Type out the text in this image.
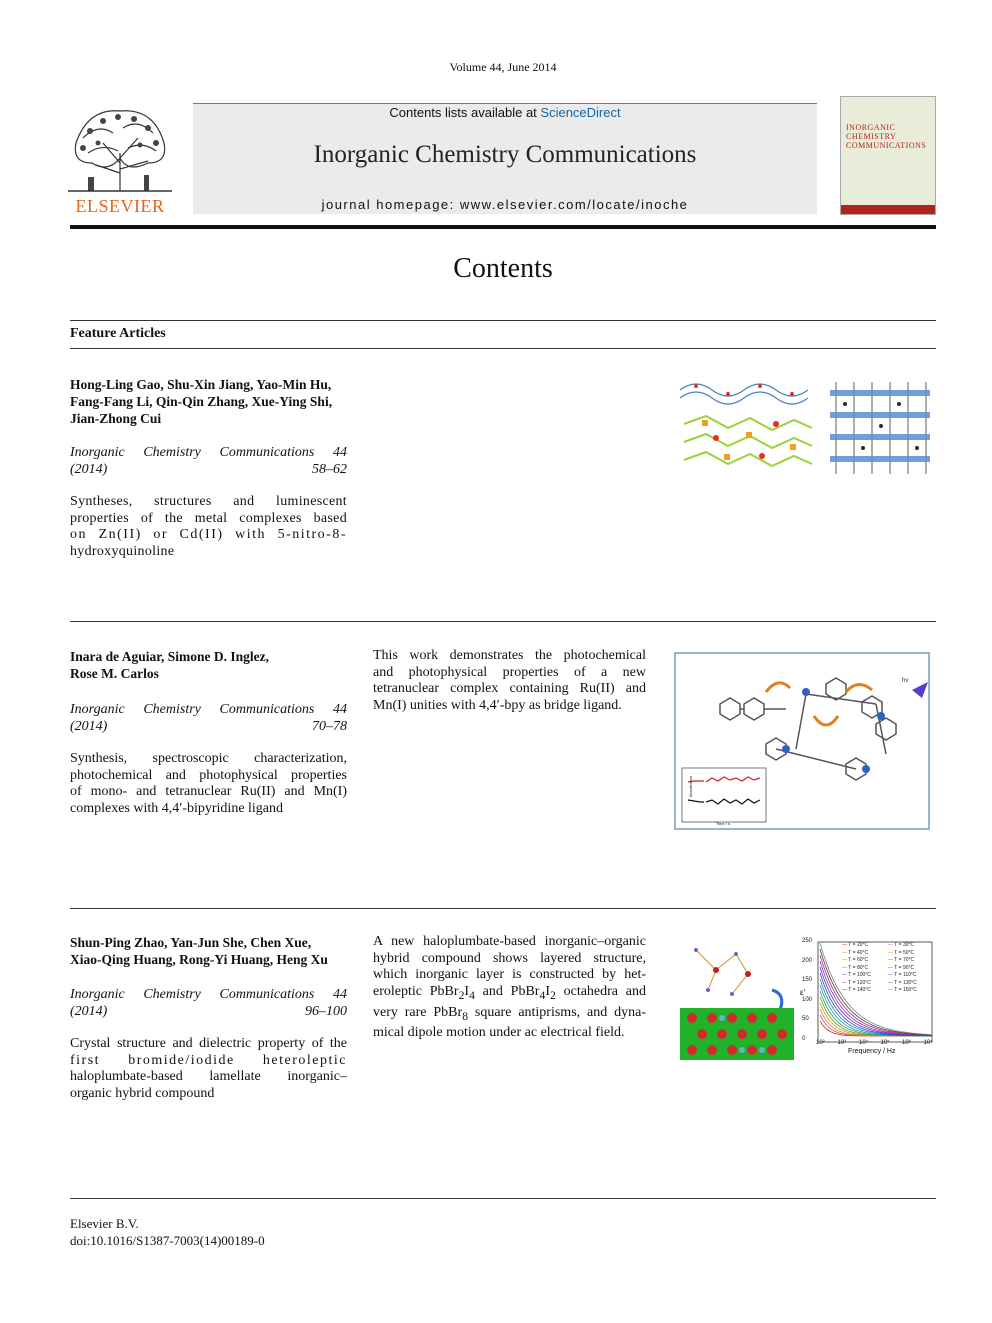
Volume 44, June 2014
ELSEVIER
Contents lists available at ScienceDirect
Inorganic Chemistry Communications
journal homepage: www.elsevier.com/locate/inoche
INORGANIC
CHEMISTRY
COMMUNICATIONS
Contents
Feature Articles
Hong-Ling Gao, Shu-Xin Jiang, Yao-Min Hu,
Fang-Fang Li, Qin-Qin Zhang, Xue-Ying Shi,
Jian-Zhong Cui
Inorganic Chemistry Communications 44
(2014) 58–62
Syntheses, structures and luminescent
properties of the metal complexes based
on Zn(II) or Cd(II) with 5-nitro-8-
hydroxyquinoline
Inara de Aguiar, Simone D. Inglez,
Rose M. Carlos
Inorganic Chemistry Communications 44
(2014) 70–78
Synthesis, spectroscopic characterization,
photochemical and photophysical properties
of mono- and tetranuclear Ru(II) and Mn(I)
complexes with 4,4′-bipyridine ligand
This work demonstrates the photochemical
and photophysical properties of a new
tetranuclear complex containing Ru(II) and
Mn(I) unities with 4,4′-bpy as bridge ligand.
hν
Absorbance
Time / s
Shun-Ping Zhao, Yan-Jun She, Chen Xue,
Xiao-Qing Huang, Rong-Yi Huang, Heng Xu
Inorganic Chemistry Communications 44
(2014) 96–100
Crystal structure and dielectric property of the
first bromide/iodide heteroleptic
haloplumbate-based lamellate inorganic–
organic hybrid compound
A new haloplumbate-based inorganic–organic
hybrid compound shows layered structure,
which inorganic layer is constructed by het-
eroleptic $PbBr_2I_4$ and $PbBr_4I_2$ octahedra and
very rare PbBr$_8$ square antiprisms, and dyna-
mical dipole motion under ac electrical field.
250
200
150
100
50
0
10² 10³ 10⁴ 10⁵ 10⁶ 10⁷
— T = 20°C	— T = 30°C
— T = 40°C	— T = 50°C
— T = 60°C	— T = 70°C
— T = 80°C	— T = 90°C
— T = 100°C	— T = 110°C
— T = 120°C	— T = 130°C
— T = 140°C	— T = 150°C
Frequency / Hz
ε′
Elsevier B.V.
doi:10.1016/S1387-7003(14)00189-0
